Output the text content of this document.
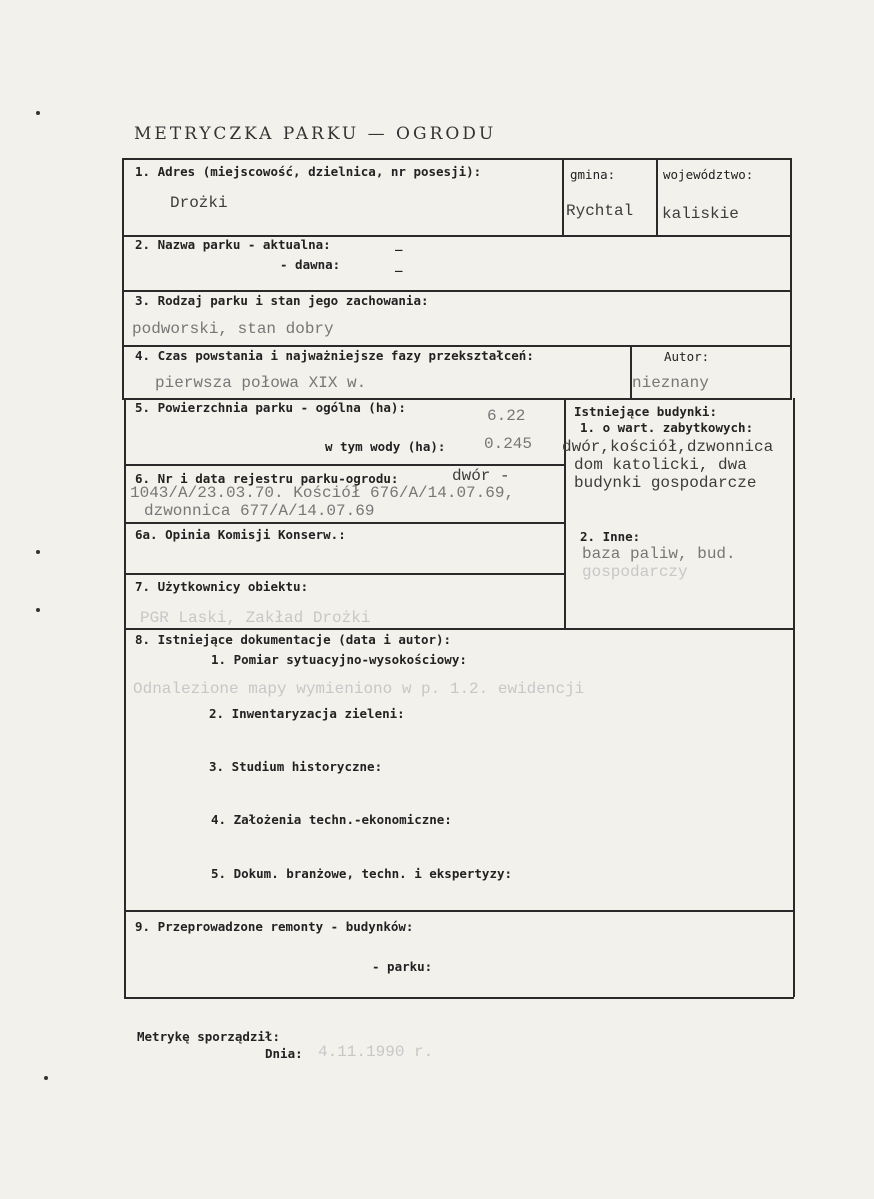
METRYCZKA PARKU — OGRODU
1. Adres (miejscowość, dzielnica, nr posesji):
Drożki
gmina:
Rychtal
województwo:
kaliskie
2. Nazwa parku - aktualna:	_
- dawna:	_
3. Rodzaj parku i stan jego zachowania:
podworski, stan dobry
4. Czas powstania i najważniejsze fazy przekształceń:
pierwsza połowa XIX w.
Autor:
nieznany
5. Powierzchnia parku - ogólna (ha):	6.22
w tym wody (ha): 0.245
Istniejące budynki:
1. o wart. zabytkowych:
dwór,kościół,dzwonnica
dom katolicki, dwa
budynki gospodarcze
2. Inne:
baza paliw, bud.
gospodarczy
6. Nr i data rejestru parku-ogrodu:	dwór -
1043/A/23.03.70. Kościół 676/A/14.07.69,
dzwonnica 677/A/14.07.69
6a. Opinia Komisji Konserw.:
7. Użytkownicy obiektu:
PGR Laski, Zakład Drożki
8. Istniejące dokumentacje (data i autor):
1. Pomiar sytuacyjno-wysokościowy:
Odnalezione mapy wymieniono w p. 1.2. ewidencji
2. Inwentaryzacja zieleni:
3. Studium historyczne:
4. Założenia techn.-ekonomiczne:
5. Dokum. branżowe, techn. i ekspertyzy:
9. Przeprowadzone remonty - budynków:
- parku:
Metrykę sporządził:
Dnia: 4.11.1990 r.
